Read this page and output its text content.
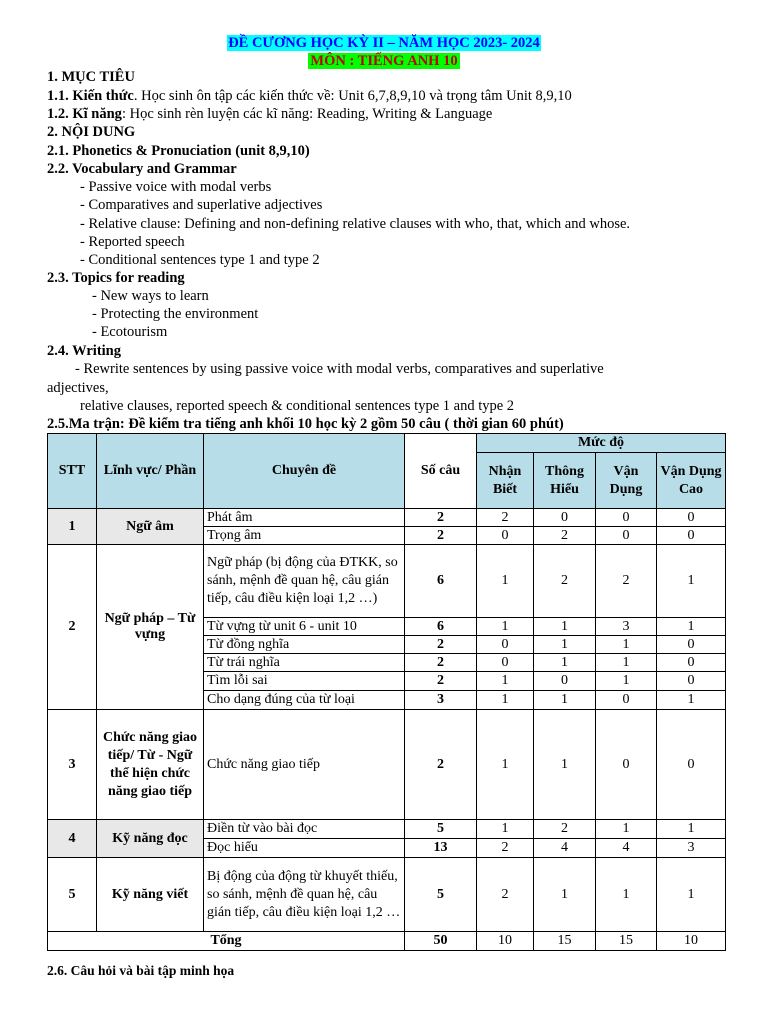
ĐỀ CƯƠNG HỌC KỲ II – NĂM HỌC 2023- 2024
MÔN : TIẾNG ANH 10
1. MỤC TIÊU
1.1. Kiến thức. Học sinh ôn tập các kiến thức về: Unit 6,7,8,9,10 và trọng tâm Unit 8,9,10
1.2. Kĩ năng: Học sinh rèn luyện các kĩ năng: Reading, Writing & Language
2. NỘI DUNG
2.1. Phonetics & Pronuciation (unit 8,9,10)
2.2. Vocabulary and Grammar
- Passive voice with modal verbs
- Comparatives and superlative adjectives
- Relative clause: Defining and non-defining relative clauses with who, that, which and whose.
- Reported speech
- Conditional sentences type 1 and type 2
2.3. Topics for reading
- New ways to learn
- Protecting the environment
- Ecotourism
2.4. Writing
- Rewrite sentences by using passive voice with modal verbs, comparatives and superlative
adjectives,
relative clauses, reported speech & conditional sentences type 1 and type 2
2.5.Ma trận: Đề kiểm tra tiếng anh khối 10 học kỳ 2 gồm 50 câu ( thời gian 60 phút)
STT	Lĩnh vực/ Phần	Chuyên đề	Số câu	Mức độ			
				Nhận Biết	Thông Hiểu	Vận Dụng	Vận Dụng Cao
1	Ngữ âm	Phát âm	2	2	0	0	0
		Trọng âm	2	0	2	0	0
2	Ngữ pháp – Từ vựng	Ngữ pháp (bị động của ĐTKK, so sánh, mệnh đề quan hệ, câu gián tiếp, câu điều kiện loại 1,2 …)	6	1	2	2	1
		Từ vựng từ unit 6 - unit 10	6	1	1	3	1
		Từ đồng nghĩa	2	0	1	1	0
		Từ trái nghĩa	2	0	1	1	0
		Tìm lỗi sai	2	1	0	1	0
		Cho dạng đúng của từ loại	3	1	1	0	1
3	Chức năng giao tiếp/ Từ - Ngữ thể hiện chức năng giao tiếp	Chức năng giao tiếp	2	1	1	0	0
4	Kỹ năng đọc	Điền từ vào bài đọc	5	1	2	1	1
		Đọc hiểu	13	2	4	4	3
5	Kỹ năng viết	Bị động của động từ khuyết thiếu, so sánh, mệnh đề quan hệ, câu gián tiếp, câu điều kiện loại 1,2 …	5	2	1	1	1
Tổng			50	10	15	15	10
2.6. Câu hỏi và bài tập minh họa
